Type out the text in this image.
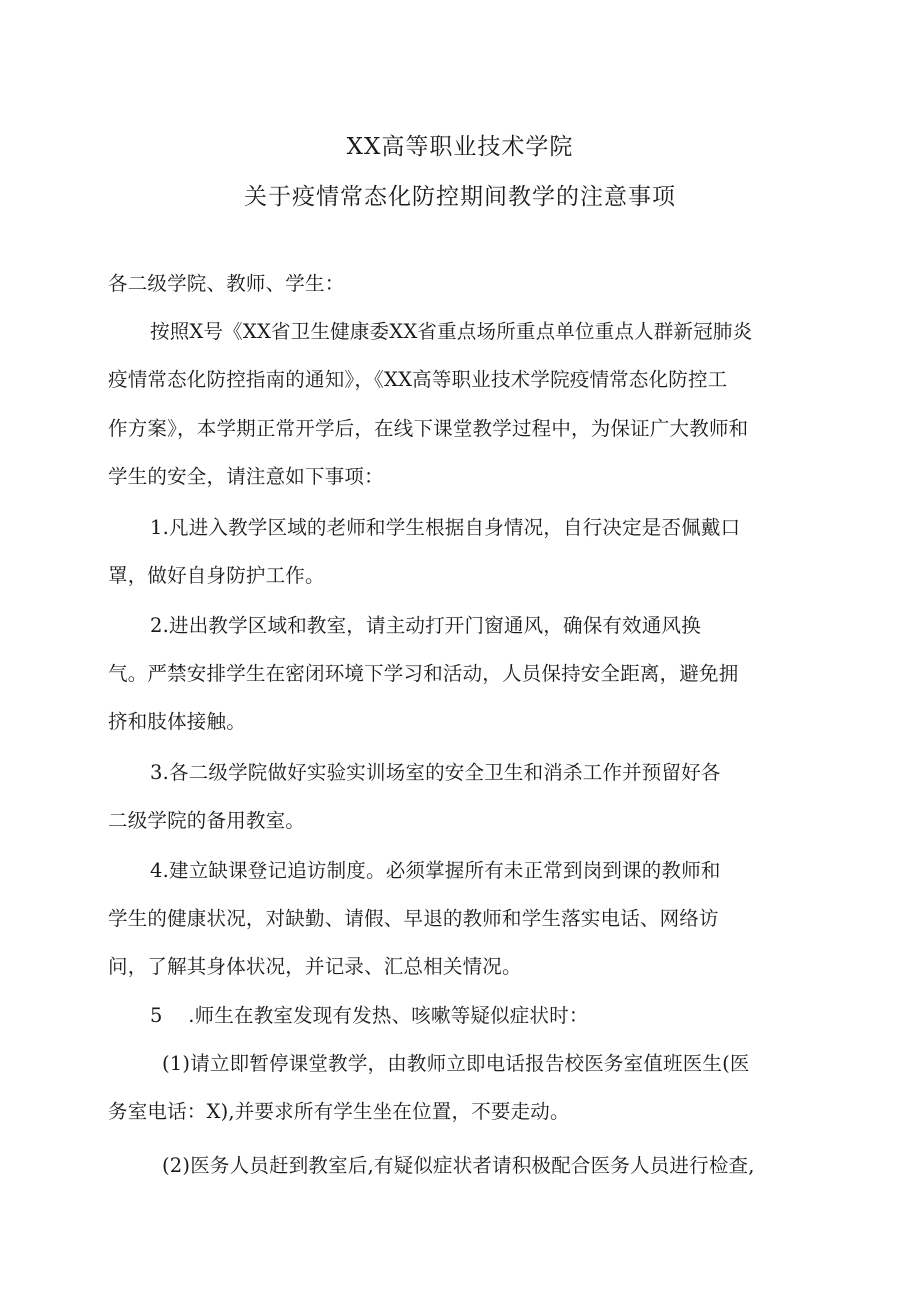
XX高等职业技术学院
关于疫情常态化防控期间教学的注意事项
各二级学院、教师、学生：
按照X号《XX省卫生健康委XX省重点场所重点单位重点人群新冠肺炎
疫情常态化防控指南的通知》，《XX高等职业技术学院疫情常态化防控工
作方案》，本学期正常开学后，在线下课堂教学过程中，为保证广大教师和
学生的安全，请注意如下事项：
1.凡进入教学区域的老师和学生根据自身情况，自行决定是否佩戴口
罩，做好自身防护工作。
2.进出教学区域和教室，请主动打开门窗通风，确保有效通风换
气。严禁安排学生在密闭环境下学习和活动，人员保持安全距离，避免拥
挤和肢体接触。
3.各二级学院做好实验实训场室的安全卫生和消杀工作并预留好各
二级学院的备用教室。
4.建立缺课登记追访制度。必须掌握所有未正常到岗到课的教师和
学生的健康状况，对缺勤、请假、早退的教师和学生落实电话、网络访
问，了解其身体状况，并记录、汇总相关情况。
5    .师生在教室发现有发热、咳嗽等疑似症状时：
(1)请立即暂停课堂教学，由教师立即电话报告校医务室值班医生(医
务室电话：X),并要求所有学生坐在位置，不要走动。
(2)医务人员赶到教室后,有疑似症状者请积极配合医务人员进行检查,
